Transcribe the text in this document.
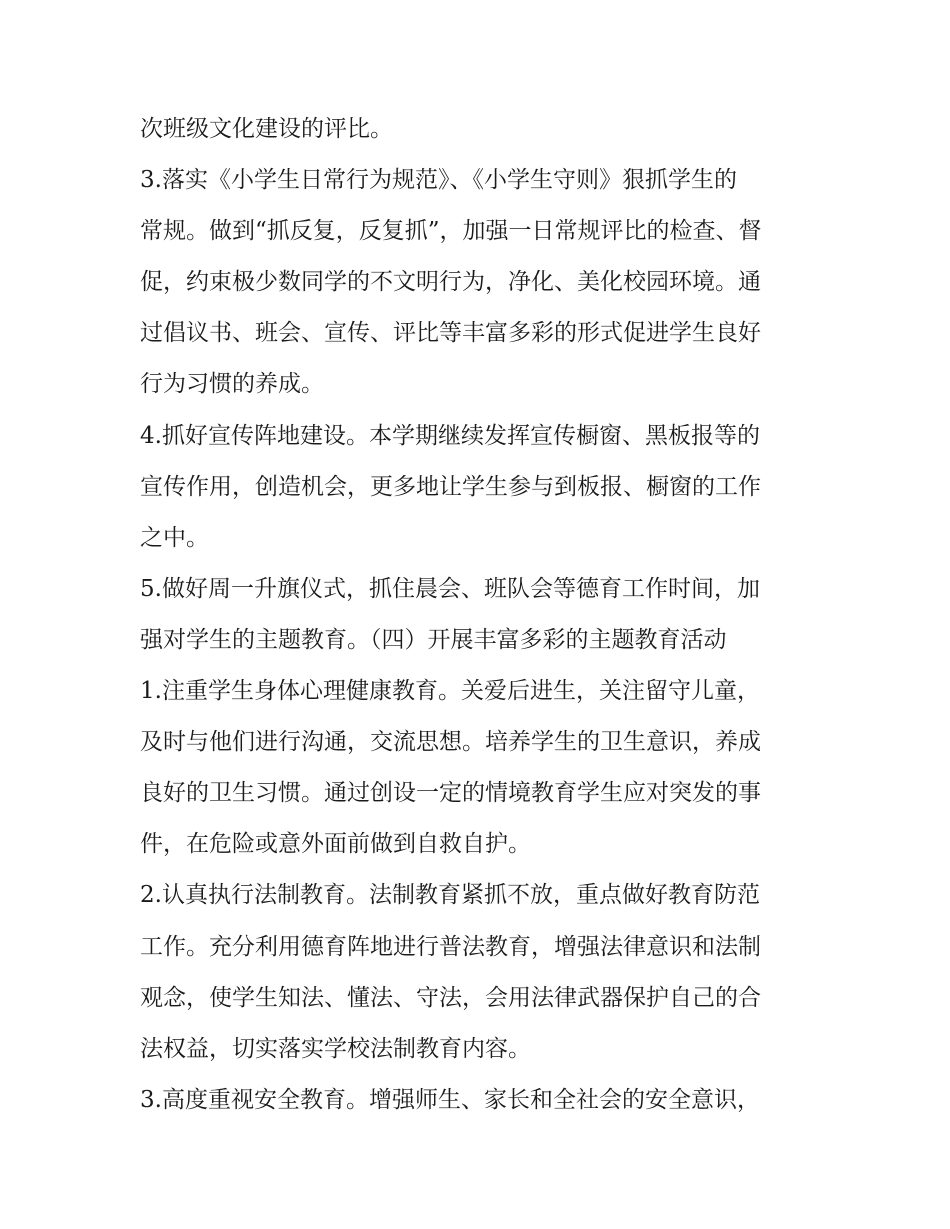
次班级文化建设的评比。
3.落实《小学生日常行为规范》、《小学生守则》狠抓学生的
常规。做到“抓反复，反复抓”，加强一日常规评比的检查、督
促，约束极少数同学的不文明行为，净化、美化校园环境。通
过倡议书、班会、宣传、评比等丰富多彩的形式促进学生良好
行为习惯的养成。
4.抓好宣传阵地建设。本学期继续发挥宣传橱窗、黑板报等的
宣传作用，创造机会，更多地让学生参与到板报、橱窗的工作
之中。
5.做好周一升旗仪式，抓住晨会、班队会等德育工作时间，加
强对学生的主题教育。（四）开展丰富多彩的主题教育活动
1.注重学生身体心理健康教育。关爱后进生，关注留守儿童，
及时与他们进行沟通，交流思想。培养学生的卫生意识，养成
良好的卫生习惯。通过创设一定的情境教育学生应对突发的事
件，在危险或意外面前做到自救自护。
2.认真执行法制教育。法制教育紧抓不放，重点做好教育防范
工作。充分利用德育阵地进行普法教育，增强法律意识和法制
观念，使学生知法、懂法、守法，会用法律武器保护自己的合
法权益，切实落实学校法制教育内容。
3.高度重视安全教育。增强师生、家长和全社会的安全意识，
